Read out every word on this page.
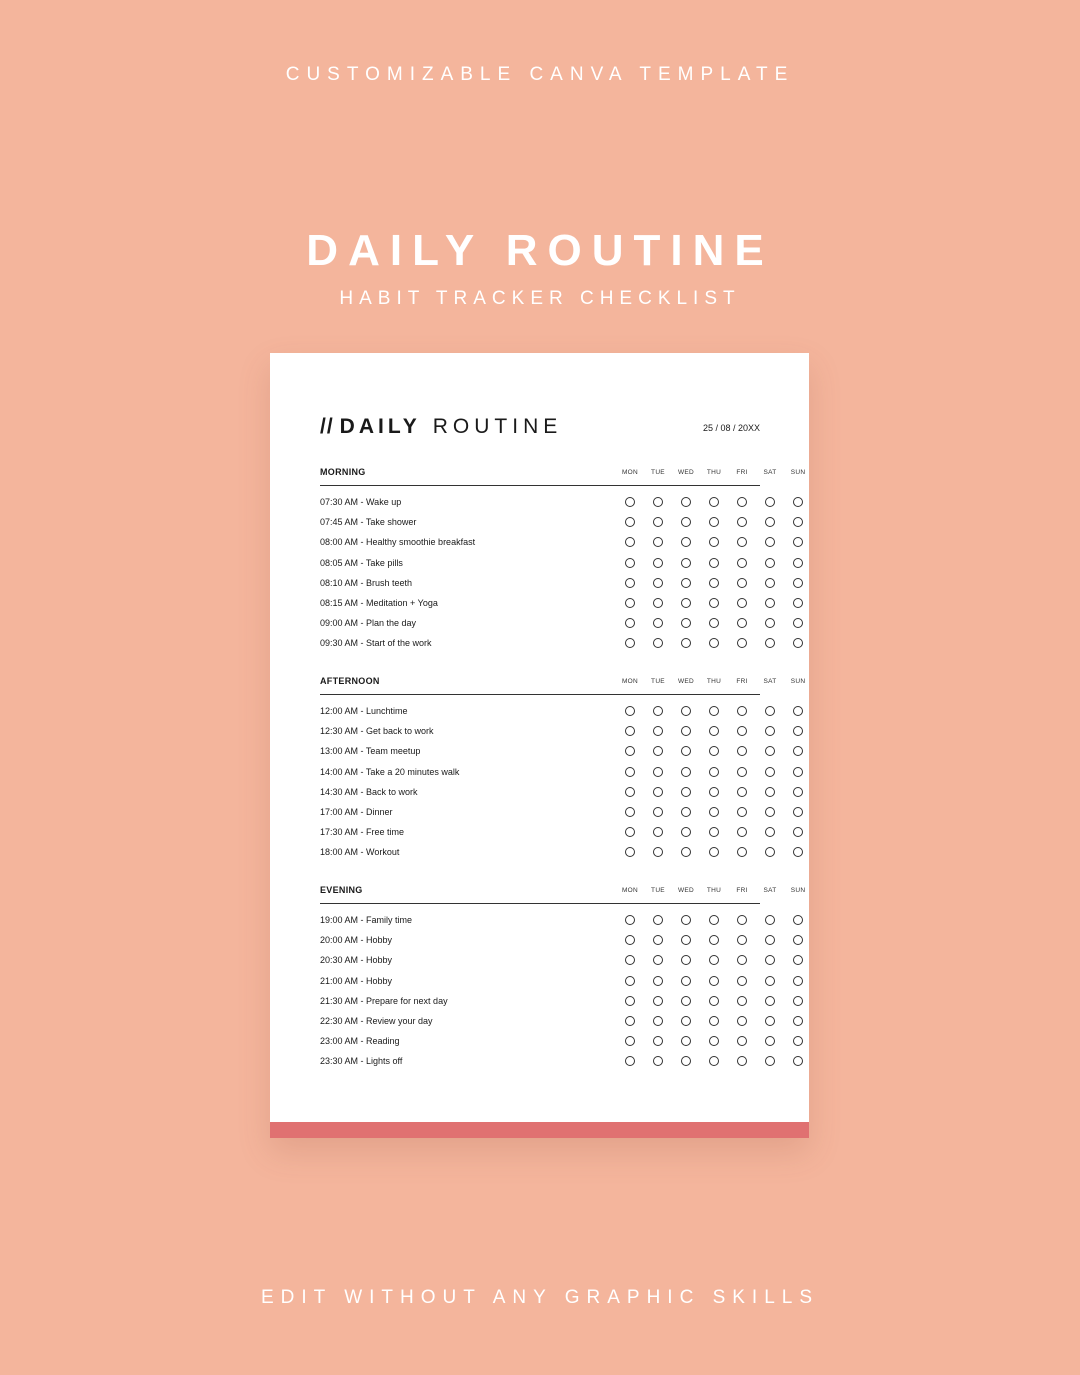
CUSTOMIZABLE CANVA TEMPLATE
DAILY ROUTINE
HABIT TRACKER CHECKLIST
// DAILY ROUTINE	25 / 08 / 20XX
MORNING	MON	TUE	WED	THU	FRI	SAT	SUN
07:30 AM - Wake up
07:45 AM - Take shower
08:00 AM - Healthy smoothie breakfast
08:05 AM - Take pills
08:10 AM - Brush teeth
08:15 AM - Meditation + Yoga
09:00 AM - Plan the day
09:30 AM - Start of the work
AFTERNOON	MON	TUE	WED	THU	FRI	SAT	SUN
12:00 AM - Lunchtime
12:30 AM - Get back to work
13:00 AM - Team meetup
14:00 AM - Take a 20 minutes walk
14:30 AM - Back to work
17:00 AM - Dinner
17:30 AM - Free time
18:00 AM - Workout
EVENING	MON	TUE	WED	THU	FRI	SAT	SUN
19:00 AM - Family time
20:00 AM - Hobby
20:30 AM - Hobby
21:00 AM - Hobby
21:30 AM - Prepare for next day
22:30 AM - Review your day
23:00 AM - Reading
23:30 AM - Lights off
EDIT WITHOUT ANY GRAPHIC SKILLS
